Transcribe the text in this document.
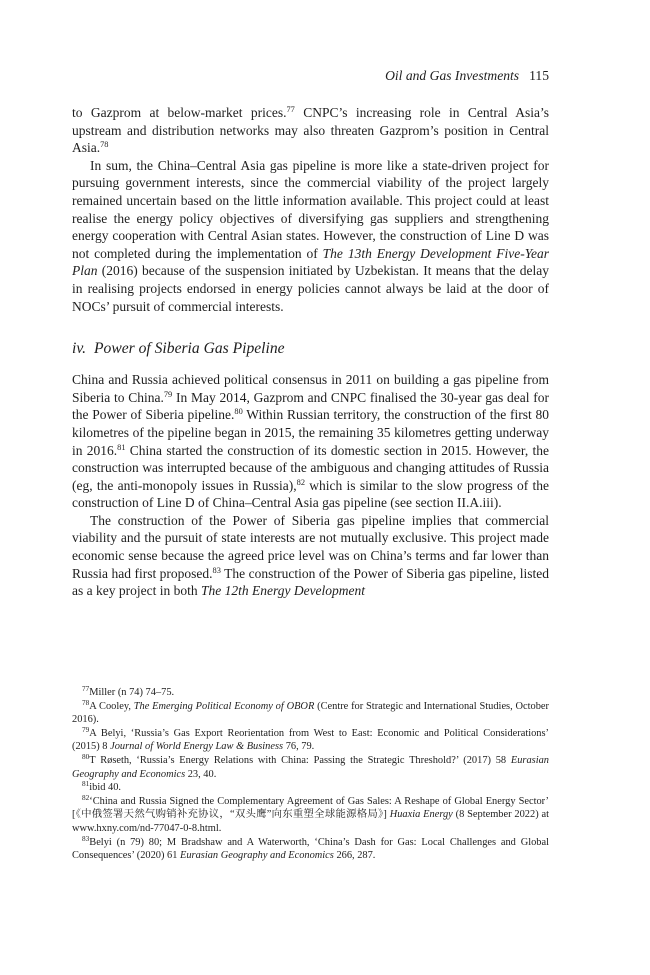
Oil and Gas Investments 115

to Gazprom at below-market prices.$^{77}$ CNPC’s increasing role in Central Asia’s upstream and distribution networks may also threaten Gazprom’s position in Central Asia.$^{78}$

In sum, the China–Central Asia gas pipeline is more like a state-driven project for pursuing government interests, since the commercial viability of the project largely remained uncertain based on the little information available. This project could at least realise the energy policy objectives of diversifying gas suppliers and strengthening energy cooperation with Central Asian states. However, the construction of Line D was not completed during the implementation of The 13th Energy Development Five-Year Plan (2016) because of the suspension initiated by Uzbekistan. It means that the delay in realising projects endorsed in energy policies cannot always be laid at the door of NOCs’ pursuit of commercial interests.

iv. Power of Siberia Gas Pipeline

China and Russia achieved political consensus in 2011 on building a gas pipeline from Siberia to China.$^{79}$ In May 2014, Gazprom and CNPC finalised the 30-year gas deal for the Power of Siberia pipeline.$^{80}$ Within Russian territory, the construction of the first 80 kilometres of the pipeline began in 2015, the remaining 35 kilometres getting underway in 2016.81 China started the construction of its domestic section in 2015. However, the construction was interrupted because of the ambiguous and changing attitudes of Russia (eg, the anti-monopoly issues in Russia),$^{82}$ which is similar to the slow progress of the construction of Line D of China–Central Asia gas pipeline (see section II.A.iii).

The construction of the Power of Siberia gas pipeline implies that commercial viability and the pursuit of state interests are not mutually exclusive. This project made economic sense because the agreed price level was on China’s terms and far lower than Russia had first proposed.$^{83}$ The construction of the Power of Siberia gas pipeline, listed as a key project in both The 12th Energy Development

$^{77}$Miller (n 74) 74–75.

$^{78}$A Cooley, The Emerging Political Economy of OBOR (Centre for Strategic and International Studies, October 2016).

$^{79}$A Belyi, ‘Russia’s Gas Export Reorientation from West to East: Economic and Political Considerations’ (2015) 8 Journal of World Energy Law & Business 76, 79.

$^{80}$T Røseth, ‘Russia’s Energy Relations with China: Passing the Strategic Threshold?’ (2017) 58 Eurasian Geography and Economics 23, 40.

$^{81}$ibid 40.

$^{82}$‘China and Russia Signed the Complementary Agreement of Gas Sales: A Reshape of Global Energy Sector’ [《中俄签署天然气购销补充协议，“双头鹰”向东重塑全球能源格局》] Huaxia Energy (8 September 2022) at www.hxny.com/nd-77047-0-8.html.

$^{83}$Belyi (n 79) 80; M Bradshaw and A Waterworth, ‘China’s Dash for Gas: Local Challenges and Global Consequences’ (2020) 61 Eurasian Geography and Economics 266, 287.
